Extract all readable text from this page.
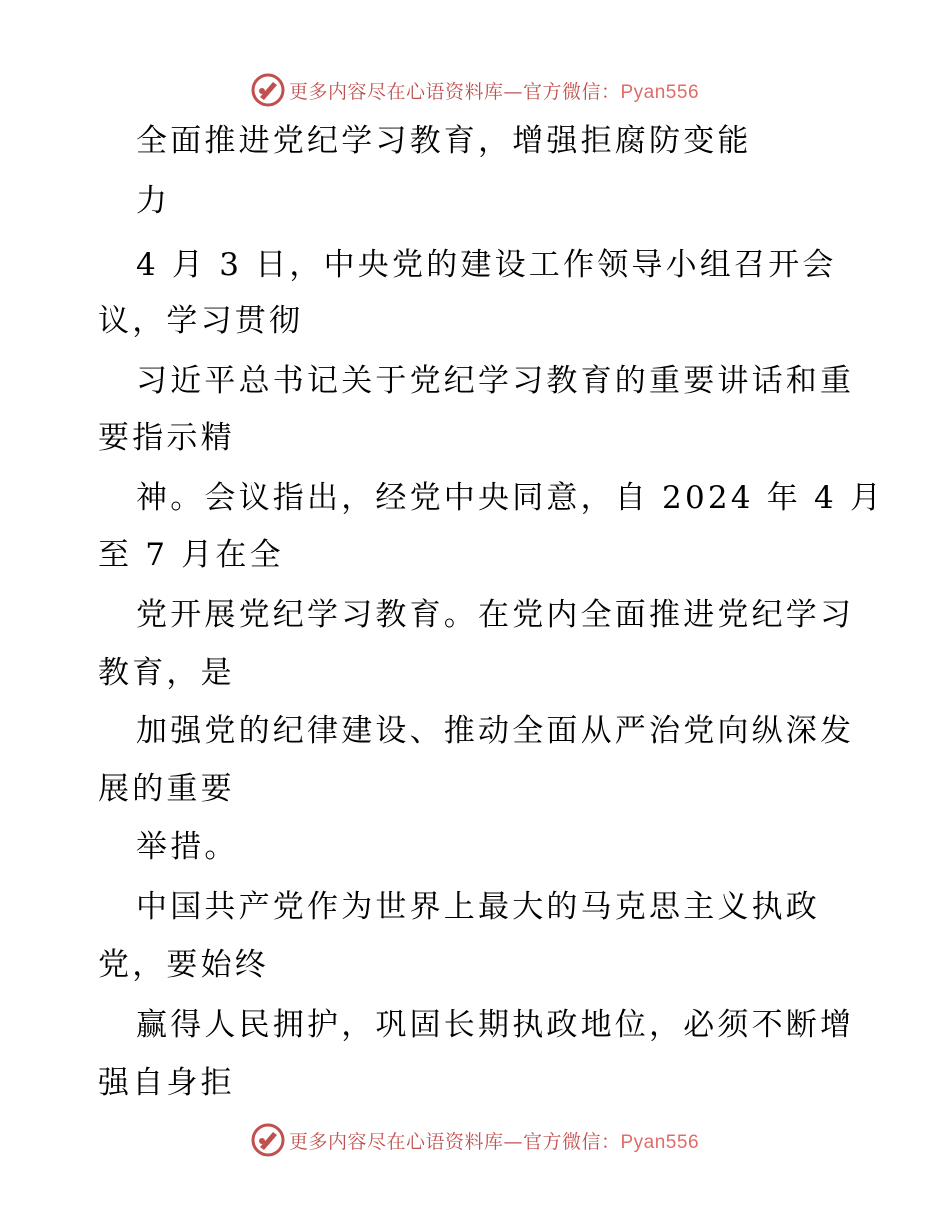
更多内容尽在心语资料库—官方微信：Pyan556
全面推进党纪学习教育，增强拒腐防变能
力
4 月 3 日，中央党的建设工作领导小组召开会
议，学习贯彻
习近平总书记关于党纪学习教育的重要讲话和重
要指示精
神。会议指出，经党中央同意，自 2024 年 4 月
至 7 月在全
党开展党纪学习教育。在党内全面推进党纪学习
教育，是
加强党的纪律建设、推动全面从严治党向纵深发
展的重要
举措。
中国共产党作为世界上最大的马克思主义执政
党，要始终
赢得人民拥护，巩固长期执政地位，必须不断增
强自身拒
更多内容尽在心语资料库—官方微信：Pyan556
